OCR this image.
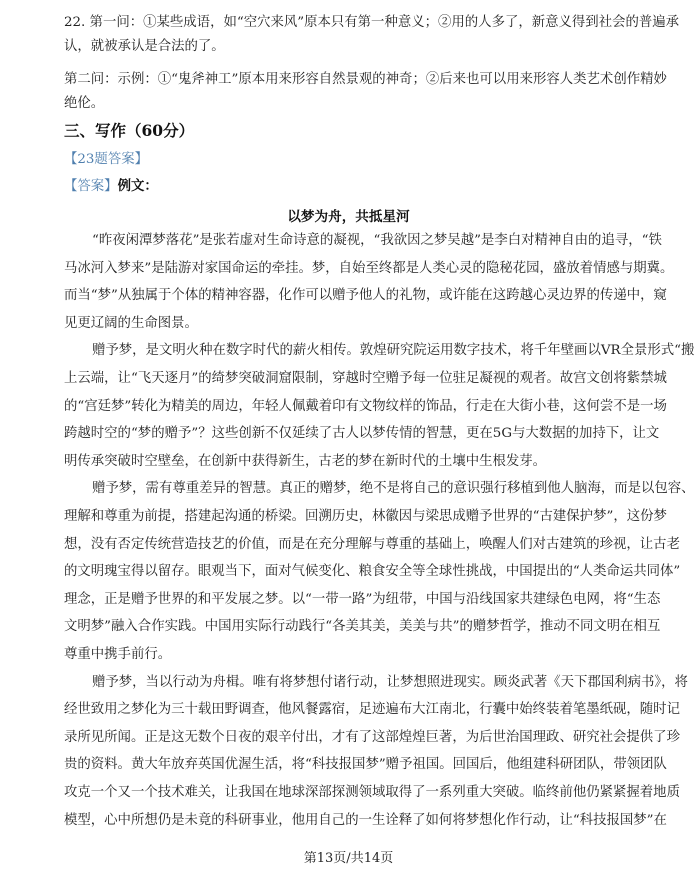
22. 第一问：①某些成语，如“空穴来风”原本只有第一种意义；②用的人多了，新意义得到社会的普遍承
认，就被承认是合法的了。
第二问：示例：①“鬼斧神工”原本用来形容自然景观的神奇；②后来也可以用来形容人类艺术创作精妙
绝伦。
三、写作（60分）
【23题答案】
【答案】例文：
以梦为舟，共抵星河
“昨夜闲潭梦落花”是张若虚对生命诗意的凝视，“我欲因之梦吴越”是李白对精神自由的追寻，“铁
马冰河入梦来”是陆游对家国命运的牵挂。梦，自始至终都是人类心灵的隐秘花园，盛放着情感与期冀。
而当“梦”从独属于个体的精神容器，化作可以赠予他人的礼物，或许能在这跨越心灵边界的传递中，窥
见更辽阔的生命图景。
赠予梦，是文明火种在数字时代的薪火相传。敦煌研究院运用数字技术，将千年壁画以VR全景形式“搬
上云端，让“飞天逐月”的绮梦突破洞窟限制，穿越时空赠予每一位驻足凝视的观者。故宫文创将紫禁城
的“宫廷梦”转化为精美的周边，年轻人佩戴着印有文物纹样的饰品，行走在大街小巷，这何尝不是一场
跨越时空的“梦的赠予”？这些创新不仅延续了古人以梦传情的智慧，更在5G与大数据的加持下，让文
明传承突破时空壁垒，在创新中获得新生，古老的梦在新时代的土壤中生根发芽。
赠予梦，需有尊重差异的智慧。真正的赠梦，绝不是将自己的意识强行移植到他人脑海，而是以包容、
理解和尊重为前提，搭建起沟通的桥梁。回溯历史，林徽因与梁思成赠予世界的“古建保护梦”，这份梦
想，没有否定传统营造技艺的价值，而是在充分理解与尊重的基础上，唤醒人们对古建筑的珍视，让古老
的文明瑰宝得以留存。眼观当下，面对气候变化、粮食安全等全球性挑战，中国提出的“人类命运共同体”
理念，正是赠予世界的和平发展之梦。以“一带一路”为纽带，中国与沿线国家共建绿色电网，将“生态
文明梦”融入合作实践。中国用实际行动践行“各美其美，美美与共”的赠梦哲学，推动不同文明在相互
尊重中携手前行。
赠予梦，当以行动为舟楫。唯有将梦想付诸行动，让梦想照进现实。顾炎武著《天下郡国利病书》，将
经世致用之梦化为三十载田野调查，他风餐露宿，足迹遍布大江南北，行囊中始终装着笔墨纸砚，随时记
录所见所闻。正是这无数个日夜的艰辛付出，才有了这部煌煌巨著，为后世治国理政、研究社会提供了珍
贵的资料。黄大年放弃英国优渥生活，将“科技报国梦”赠予祖国。回国后，他组建科研团队，带领团队
攻克一个又一个技术难关，让我国在地球深部探测领域取得了一系列重大突破。临终前他仍紧紧握着地质
模型，心中所想仍是未竟的科研事业，他用自己的一生诠释了如何将梦想化作行动，让“科技报国梦”在
第13页/共14页
